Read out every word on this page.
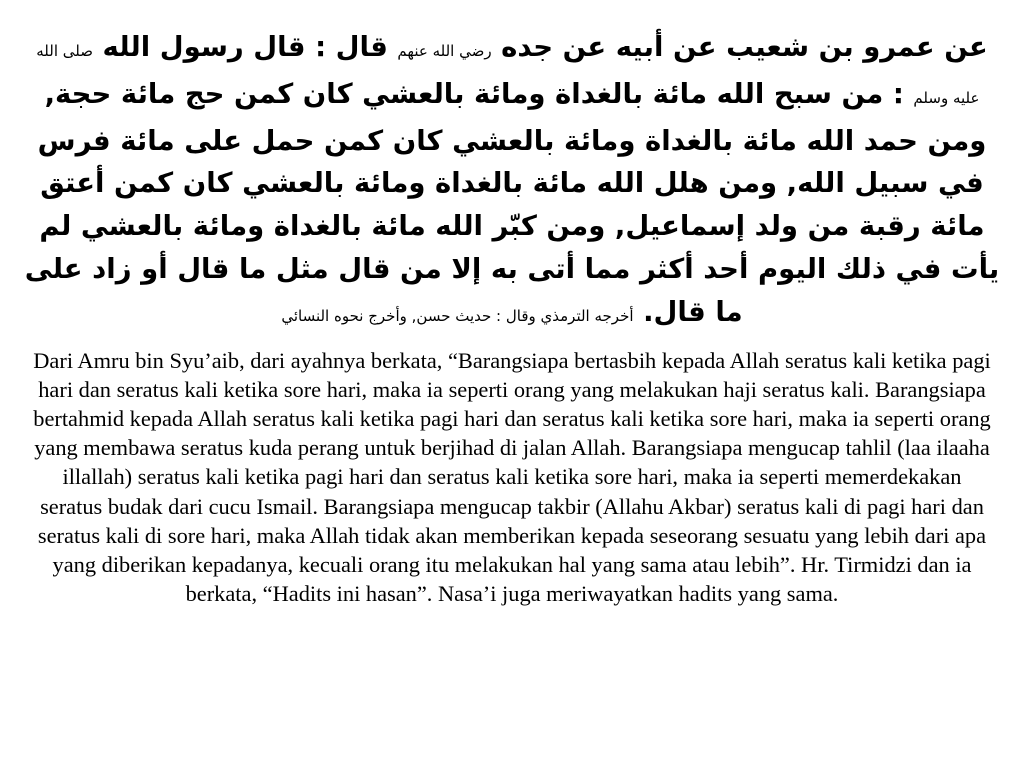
عن عمرو بن شعيب عن أبيه عن جده رضي الله عنهم قال : قال رسول الله صلى الله عليه وسلم : من سبح الله مائة بالغداة ومائة بالعشي كان كمن حج مائة حجة, ومن حمد الله مائة بالغداة ومائة بالعشي كان كمن حمل على مائة فرس في سبيل الله, ومن هلل الله مائة بالغداة ومائة بالعشي كان كمن أعتق مائة رقبة من ولد إسماعيل, ومن كبّر الله مائة بالغداة ومائة بالعشي لم يأت في ذلك اليوم أحد أكثر مما أتى به إلا من قال مثل ما قال أو زاد على ما قال. أخرجه الترمذي وقال : حديث حسن, وأخرج نحوه النسائي

Dari Amru bin Syu’aib, dari ayahnya berkata, “Barangsiapa bertasbih kepada Allah seratus kali ketika pagi hari dan seratus kali ketika sore hari, maka ia seperti orang yang melakukan haji seratus kali. Barangsiapa bertahmid kepada Allah seratus kali ketika pagi hari dan seratus kali ketika sore hari, maka ia seperti orang yang membawa seratus kuda perang untuk berjihad di jalan Allah. Barangsiapa mengucap tahlil (laa ilaaha illallah) seratus kali ketika pagi hari dan seratus kali ketika sore hari, maka ia seperti memerdekakan seratus budak dari cucu Ismail. Barangsiapa mengucap takbir (Allahu Akbar) seratus kali di pagi hari dan seratus kali di sore hari, maka Allah tidak akan memberikan kepada seseorang sesuatu yang lebih dari apa yang diberikan kepadanya, kecuali orang itu melakukan hal yang sama atau lebih”. Hr. Tirmidzi dan ia berkata, “Hadits ini hasan”. Nasa’i juga meriwayatkan hadits yang sama.
